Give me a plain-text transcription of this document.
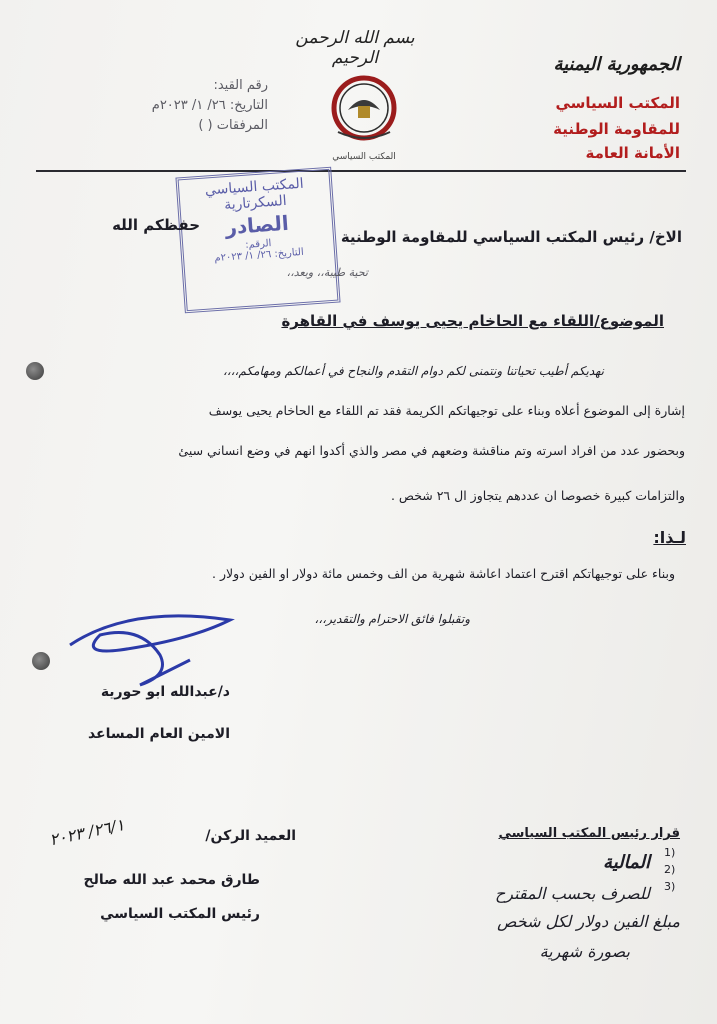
بسم الله الرحمن الرحيم
رقم القيد:
التاريخ: ٢٦/ ١/ ٢٠٢٣م
المرفقات ( )
المكتب السياسي
الجمهورية اليمنية
المكتب السياسي
للمقاومة الوطنية
الأمانة العامة
المكتب السياسي
السكرتارية
الصادر
الرقم:
التاريخ: ٢٦/ ١/ ٢٠٢٣م
الاخ/ رئيس المكتب السياسي للمقاومة الوطنية
حفظكم الله
تحية طيبة،، وبعد،،
الموضوع/اللقاء مع الحاخام يحيى يوسف في القاهرة
نهديكم أطيب تحياتنا ونتمنى لكم دوام التقدم والنجاح في أعمالكم ومهامكم،،،،
إشارة إلى الموضوع أعلاه وبناء على توجيهاتكم الكريمة فقد تم اللقاء مع الحاخام يحيى يوسف
وبحضور عدد من افراد اسرته وتم مناقشة وضعهم في مصر والذي أكدوا انهم في وضع انساني سيئ
والتزامات كبيرة خصوصا ان عددهم يتجاوز ال ٢٦ شخص .
لـذا:
وبناء على توجيهاتكم اقترح اعتماد اعاشة شهرية من الف وخمس مائة دولار او الفين دولار .
وتقبلوا فائق الاحترام والتقدير،،،
د/عبدالله ابو حورية
الامين العام المساعد
٢٦/١/ ٢٠٢٣	العميد الركن/
طارق محمد عبد الله صالح
رئيس المكتب السياسي
قرار رئيس المكتب السياسي
1)
2)
3)
المالية
للصرف بحسب المقترح
مبلغ الفين دولار لكل شخص
بصورة شهرية
